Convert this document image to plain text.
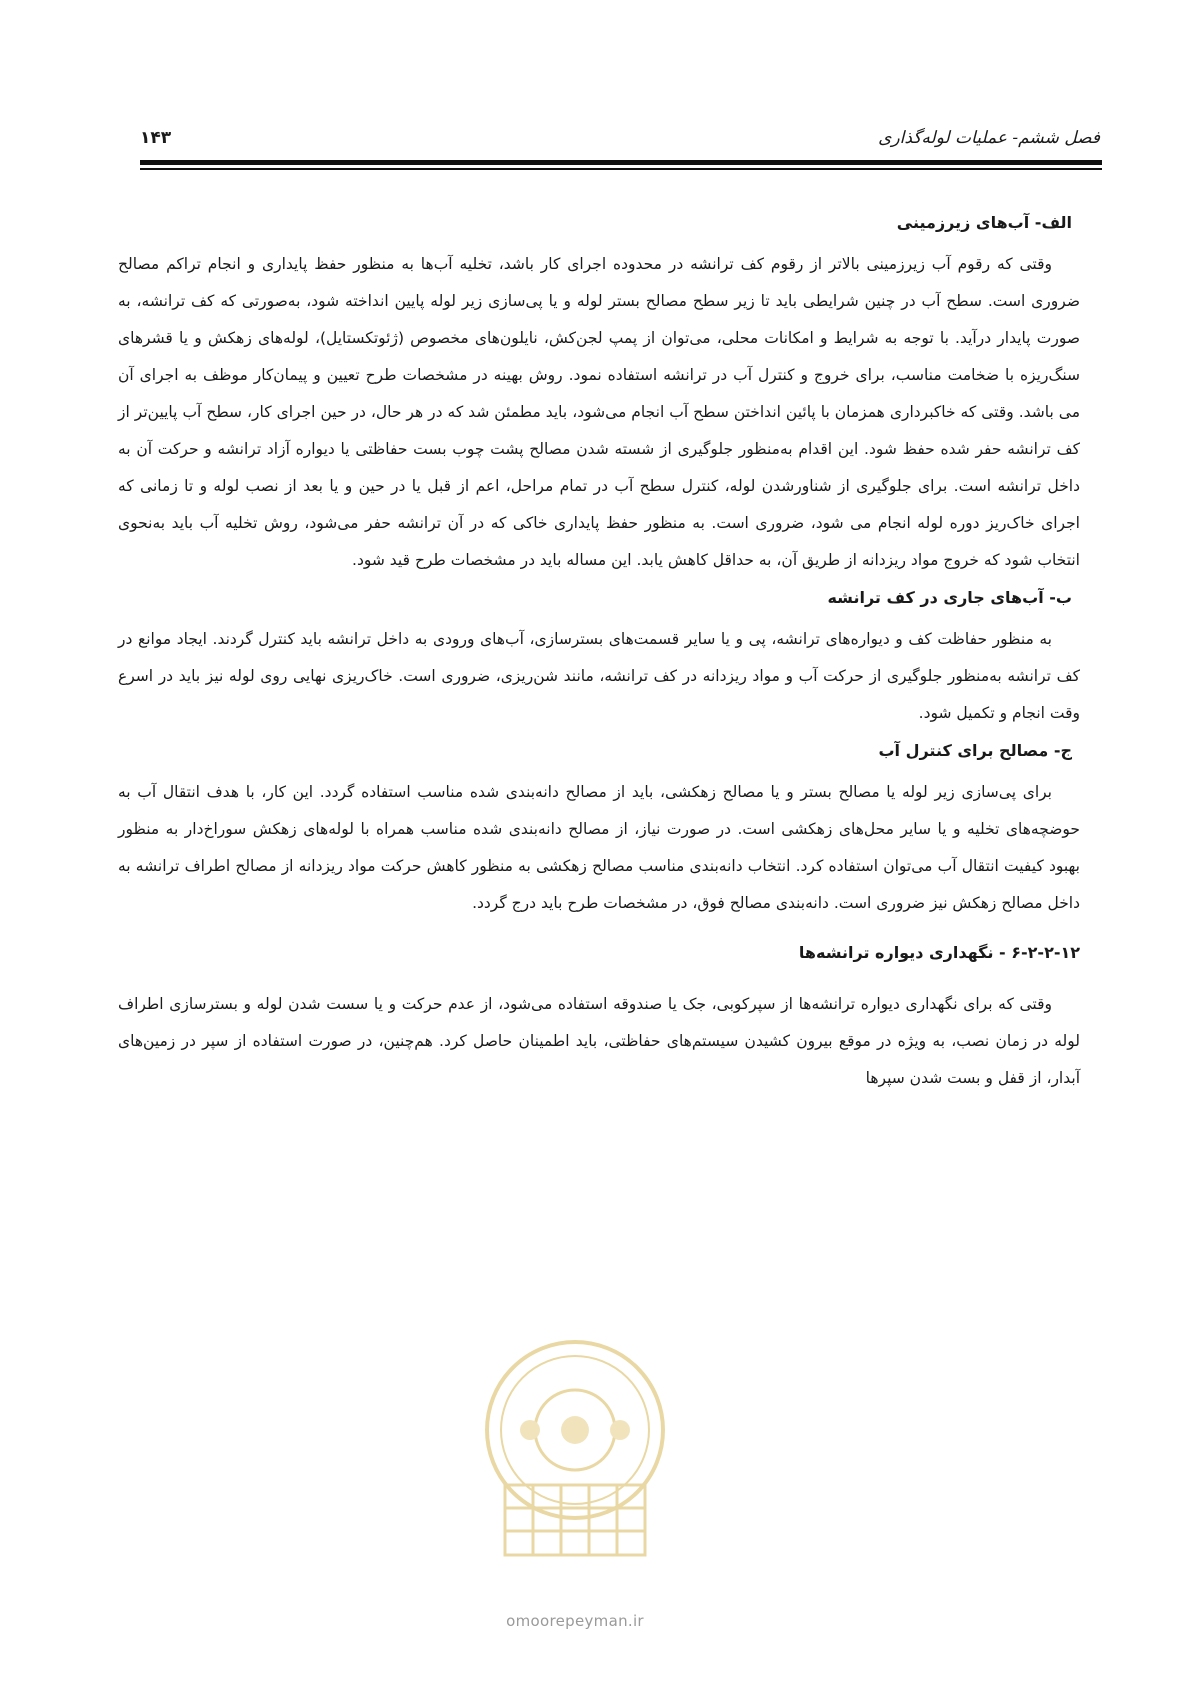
فصل ششم- عملیات لوله‌گذاری
۱۴۳
الف- آب‌های زیرزمینی

وقتی که رقوم آب زیرزمینی بالاتر از رقوم کف ترانشه در محدوده اجرای کار باشد، تخلیه آب‌ها به منظور حفظ پایداری و انجام تراکم مصالح ضروری است. سطح آب در چنین شرایطی باید تا زیر سطح مصالح بستر لوله و یا پی‌سازی زیر لوله پایین انداخته شود، به‌صورتی که کف ترانشه، به صورت پایدار درآید. با توجه به شرایط و امکانات محلی، می‌توان از پمپ لجن‌کش، نایلون‌های مخصوص (ژئوتکستایل)، لوله‌های زهکش و یا قشرهای سنگ‌ریزه با ضخامت مناسب، برای خروج و کنترل آب در ترانشه استفاده نمود. روش بهینه در مشخصات طرح تعیین و پیمان‌کار موظف به اجرای آن می باشد. وقتی که خاکبرداری همزمان با پائین انداختن سطح آب انجام می‌شود، باید مطمئن شد که در هر حال، در حین اجرای کار، سطح آب پایین‌تر از کف ترانشه حفر شده حفظ شود. این اقدام به‌منظور جلوگیری از شسته شدن مصالح پشت چوب بست حفاظتی یا دیواره آزاد ترانشه و حرکت آن به داخل ترانشه است. برای جلوگیری از شناورشدن لوله، کنترل سطح آب در تمام مراحل، اعم از قبل یا در حین و یا بعد از نصب لوله و تا زمانی که اجرای خاک‌ریز دوره لوله انجام می شود، ضروری است. به منظور حفظ پایداری خاکی که در آن ترانشه حفر می‌شود، روش تخلیه آب باید به‌نحوی انتخاب شود که خروج مواد ریزدانه از طریق آن، به حداقل کاهش یابد. این مساله باید در مشخصات طرح قید شود.

ب- آب‌های جاری در کف ترانشه

به منظور حفاظت کف و دیواره‌های ترانشه، پی و یا سایر قسمت‌های بسترسازی، آب‌های ورودی به داخل ترانشه باید کنترل گردند. ایجاد موانع در کف ترانشه به‌منظور جلوگیری از حرکت آب و مواد ریزدانه در کف ترانشه، مانند شن‌ریزی، ضروری است. خاک‌ریزی نهایی روی لوله نیز باید در اسرع وقت انجام و تکمیل شود.

ج- مصالح برای کنترل آب

برای پی‌سازی زیر لوله یا مصالح بستر و یا مصالح زهکشی، باید از مصالح دانه‌بندی شده مناسب استفاده گردد. این کار، با هدف انتقال آب به حوضچه‌های تخلیه و یا سایر محل‌های زهکشی است. در صورت نیاز، از مصالح دانه‌بندی شده مناسب همراه با لوله‌های زهکش سوراخ‌دار به منظور بهبود کیفیت انتقال آب می‌توان استفاده کرد. انتخاب دانه‌بندی مناسب مصالح زهکشی به منظور کاهش حرکت مواد ریزدانه از مصالح اطراف ترانشه به داخل مصالح زهکش نیز ضروری است. دانه‌بندی مصالح فوق، در مشخصات طرح باید درج گردد.

۶-۲-۲-۱۲ - نگهداری دیواره ترانشه‌ها

وقتی که برای نگهداری دیواره ترانشه‌ها از سپرکوبی، جک یا صندوقه استفاده می‌شود، از عدم حرکت و یا سست شدن لوله و بسترسازی اطراف لوله در زمان نصب، به ویژه در موقع بیرون کشیدن سیستم‌های حفاظتی، باید اطمینان حاصل کرد. هم‌چنین، در صورت استفاده از سپر در زمین‌های آبدار، از قفل و بست شدن سپرها

omoorepeyman.ir
